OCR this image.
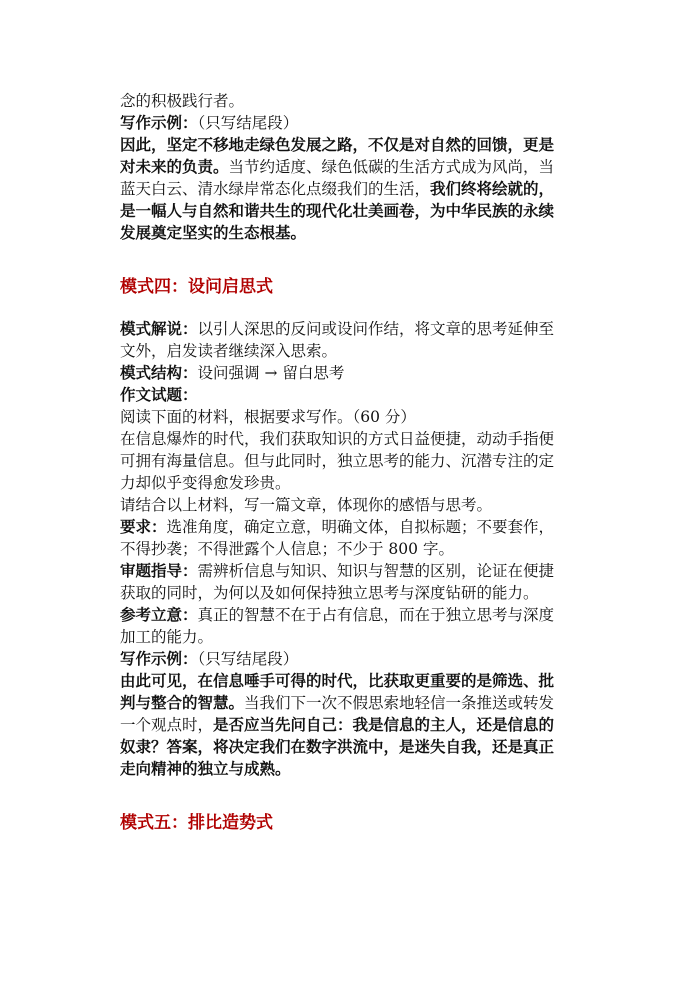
念的积极践行者。
写作示例：（只写结尾段）
因此，坚定不移地走绿色发展之路，不仅是对自然的回馈，更是
对未来的负责。当节约适度、绿色低碳的生活方式成为风尚，当
蓝天白云、清水绿岸常态化点缀我们的生活，我们终将绘就的，
是一幅人与自然和谐共生的现代化壮美画卷，为中华民族的永续
发展奠定坚实的生态根基。
模式四：设问启思式
模式解说：以引人深思的反问或设问作结，将文章的思考延伸至
文外，启发读者继续深入思索。
模式结构：设问强调 → 留白思考
作文试题：
阅读下面的材料，根据要求写作。（60 分）
在信息爆炸的时代，我们获取知识的方式日益便捷，动动手指便
可拥有海量信息。但与此同时，独立思考的能力、沉潜专注的定
力却似乎变得愈发珍贵。
请结合以上材料，写一篇文章，体现你的感悟与思考。
要求：选准角度，确定立意，明确文体，自拟标题；不要套作，
不得抄袭；不得泄露个人信息；不少于 800 字。
审题指导：需辨析信息与知识、知识与智慧的区别，论证在便捷
获取的同时，为何以及如何保持独立思考与深度钻研的能力。
参考立意：真正的智慧不在于占有信息，而在于独立思考与深度
加工的能力。
写作示例：（只写结尾段）
由此可见，在信息唾手可得的时代，比获取更重要的是筛选、批
判与整合的智慧。当我们下一次不假思索地轻信一条推送或转发
一个观点时，是否应当先问自己：我是信息的主人，还是信息的
奴隶？答案，将决定我们在数字洪流中，是迷失自我，还是真正
走向精神的独立与成熟。
模式五：排比造势式
